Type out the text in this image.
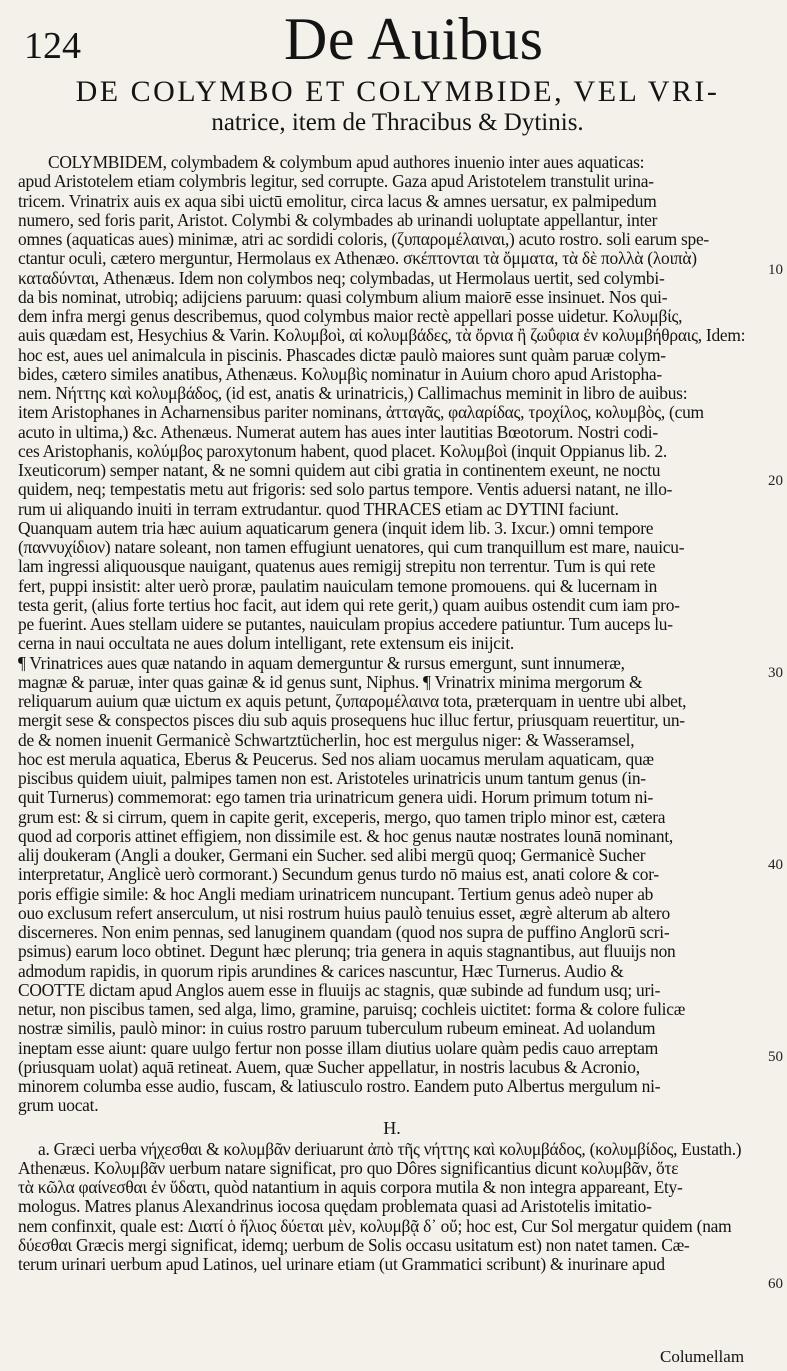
124	De Auibus
DE COLYMBO ET COLYMBIDE, VEL VRI-
natrice, item de Thracibus & Dytinis.
COLYMBIDEM, colymbadem & colymbum apud authores inuenio inter aues aquaticas:
apud Aristotelem etiam colymbris legitur, sed corrupte. Gaza apud Aristotelem transtulit urina-
tricem. Vrinatrix auis ex aqua sibi uictū emolitur, circa lacus & amnes uersatur, ex palmipedum
numero, sed foris parit, Aristot. Colymbi & colymbades ab urinandi uoluptate appellantur, inter
omnes (aquaticas aues) minimæ, atri ac sordidi coloris, (ζυπαρομέλαιναι,) acuto rostro. soli earum spe-
ctantur oculi, cætero merguntur, Hermolaus ex Athenæo. σκέπτονται τὰ ὄμματα, τὰ δὲ πολλὰ (λοιπὰ)
καταδύνται, Athenæus. Idem non colymbos neq; colymbadas, ut Hermolaus uertit, sed colymbi-
da bis nominat, utrobiq; adijciens paruum: quasi colymbum alium maiorē esse insinuet. Nos qui-
dem infra mergi genus describemus, quod colymbus maior rectè appellari posse uidetur. Κολυμβίς,
auis quædam est, Hesychius & Varin. Κολυμβοὶ, αἱ κολυμβάδες, τὰ ὄρνια ἢ ζωΰφια ἐν κολυμβήθραις, Idem:
hoc est, aues uel animalcula in piscinis. Phascades dictæ paulò maiores sunt quàm paruæ colym-
bides, cætero similes anatibus, Athenæus. Κολυμβὶς nominatur in Auium choro apud Aristopha-
nem. Νήττης καὶ κολυμβάδος, (id est, anatis & urinatricis,) Callimachus meminit in libro de auibus:
item Aristophanes in Acharnensibus pariter nominans, ἀτταγᾶς, φαλαρίδας, τροχίλος, κολυμβὸς, (cum
acuto in ultima,) &c. Athenæus. Numerat autem has aues inter lautitias Bœotorum. Nostri codi-
ces Aristophanis, κολύμβος paroxytonum habent, quod placet. Κολυμβοὶ (inquit Oppianus lib. 2.
Ixeuticorum) semper natant, & ne somni quidem aut cibi gratia in continentem exeunt, ne noctu
quidem, neq; tempestatis metu aut frigoris: sed solo partus tempore. Ventis aduersi natant, ne illo-
rum ui aliquando inuiti in terram extrudantur. quod THRACES etiam ac DYTINI faciunt.
Quanquam autem tria hæc auium aquaticarum genera (inquit idem lib. 3. Ixcur.) omni tempore
(παννυχίδιον) natare soleant, non tamen effugiunt uenatores, qui cum tranquillum est mare, nauicu-
lam ingressi aliquousque nauigant, quatenus aues remigij strepitu non terrentur. Tum is qui rete
fert, puppi insistit: alter uerò proræ, paulatim nauiculam temone promouens. qui & lucernam in
testa gerit, (alius forte tertius hoc facit, aut idem qui rete gerit,) quam auibus ostendit cum iam pro-
pe fuerint. Aues stellam uidere se putantes, nauiculam propius accedere patiuntur. Tum auceps lu-
cerna in naui occultata ne aues dolum intelligant, rete extensum eis inijcit.
¶ Vrinatrices aues quæ natando in aquam demerguntur & rursus emergunt, sunt innumeræ,
magnæ & paruæ, inter quas gainæ & id genus sunt, Niphus. ¶ Vrinatrix minima mergorum &
reliquarum auium quæ uictum ex aquis petunt, ζυπαρομέλαινα tota, præterquam in uentre ubi albet,
mergit sese & conspectos pisces diu sub aquis prosequens huc illuc fertur, priusquam reuertitur, un-
de & nomen inuenit Germanicè Schwartztücherlin, hoc est mergulus niger: & Wasseramsel,
hoc est merula aquatica, Eberus & Peucerus. Sed nos aliam uocamus merulam aquaticam, quæ
piscibus quidem uiuit, palmipes tamen non est. Aristoteles urinatricis unum tantum genus (in-
quit Turnerus) commemorat: ego tamen tria urinatricum genera uidi. Horum primum totum ni-
grum est: & si cirrum, quem in capite gerit, exceperis, mergo, quo tamen triplo minor est, cætera
quod ad corporis attinet effigiem, non dissimile est. & hoc genus nautæ nostrates lounā nominant,
alij doukeram (Angli a douker, Germani ein Sucher. sed alibi mergū quoq; Germanicè Sucher
interpretatur, Anglicè uerò cormorant.) Secundum genus turdo nō maius est, anati colore & cor-
poris effigie simile: & hoc Angli mediam urinatricem nuncupant. Tertium genus adeò nuper ab
ouo exclusum refert anserculum, ut nisi rostrum huius paulò tenuius esset, ægrè alterum ab altero
discerneres. Non enim pennas, sed lanuginem quandam (quod nos supra de puffino Anglorū scri-
psimus) earum loco obtinet. Degunt hæc plerunq; tria genera in aquis stagnantibus, aut fluuijs non
admodum rapidis, in quorum ripis arundines & carices nascuntur, Hæc Turnerus. Audio &
COOTTE dictam apud Anglos auem esse in fluuijs ac stagnis, quæ subinde ad fundum usq; uri-
netur, non piscibus tamen, sed alga, limo, gramine, paruisq; cochleis uictitet: forma & colore fulicæ
nostræ similis, paulò minor: in cuius rostro paruum tuberculum rubeum emineat. Ad uolandum
ineptam esse aiunt: quare uulgo fertur non posse illam diutius uolare quàm pedis cauo arreptam
(priusquam uolat) aquā retineat. Auem, quæ Sucher appellatur, in nostris lacubus & Acronio,
minorem columba esse audio, fuscam, & latiusculo rostro. Eandem puto Albertus mergulum ni-
grum uocat.
H.
a. Græci uerba νήχεσθαι & κολυμβᾶν deriuarunt ἀπὸ τῆς νήττης καὶ κολυμβάδος, (κολυμβίδος, Eustath.)
Athenæus. Κολυμβᾶν uerbum natare significat, pro quo Dôres significantius dicunt κολυμβᾶν, ὅτε
τὰ κῶλα φαίνεσθαι ἐν ὕδατι, quòd natantium in aquis corpora mutila & non integra appareant, Ety-
mologus. Matres planus Alexandrinus iocosa quędam problemata quasi ad Aristotelis imitatio-
nem confinxit, quale est: Διατί ὁ ἥλιος δύεται μὲν, κολυμβᾷ δ᾽ οὔ; hoc est, Cur Sol mergatur quidem (nam
δύεσθαι Græcis mergi significat, idemq; uerbum de Solis occasu usitatum est) non natet tamen. Cæ-
terum urinari uerbum apud Latinos, uel urinare etiam (ut Grammatici scribunt) & inurinare apud
10
20
30
40
50
60
Columellam
